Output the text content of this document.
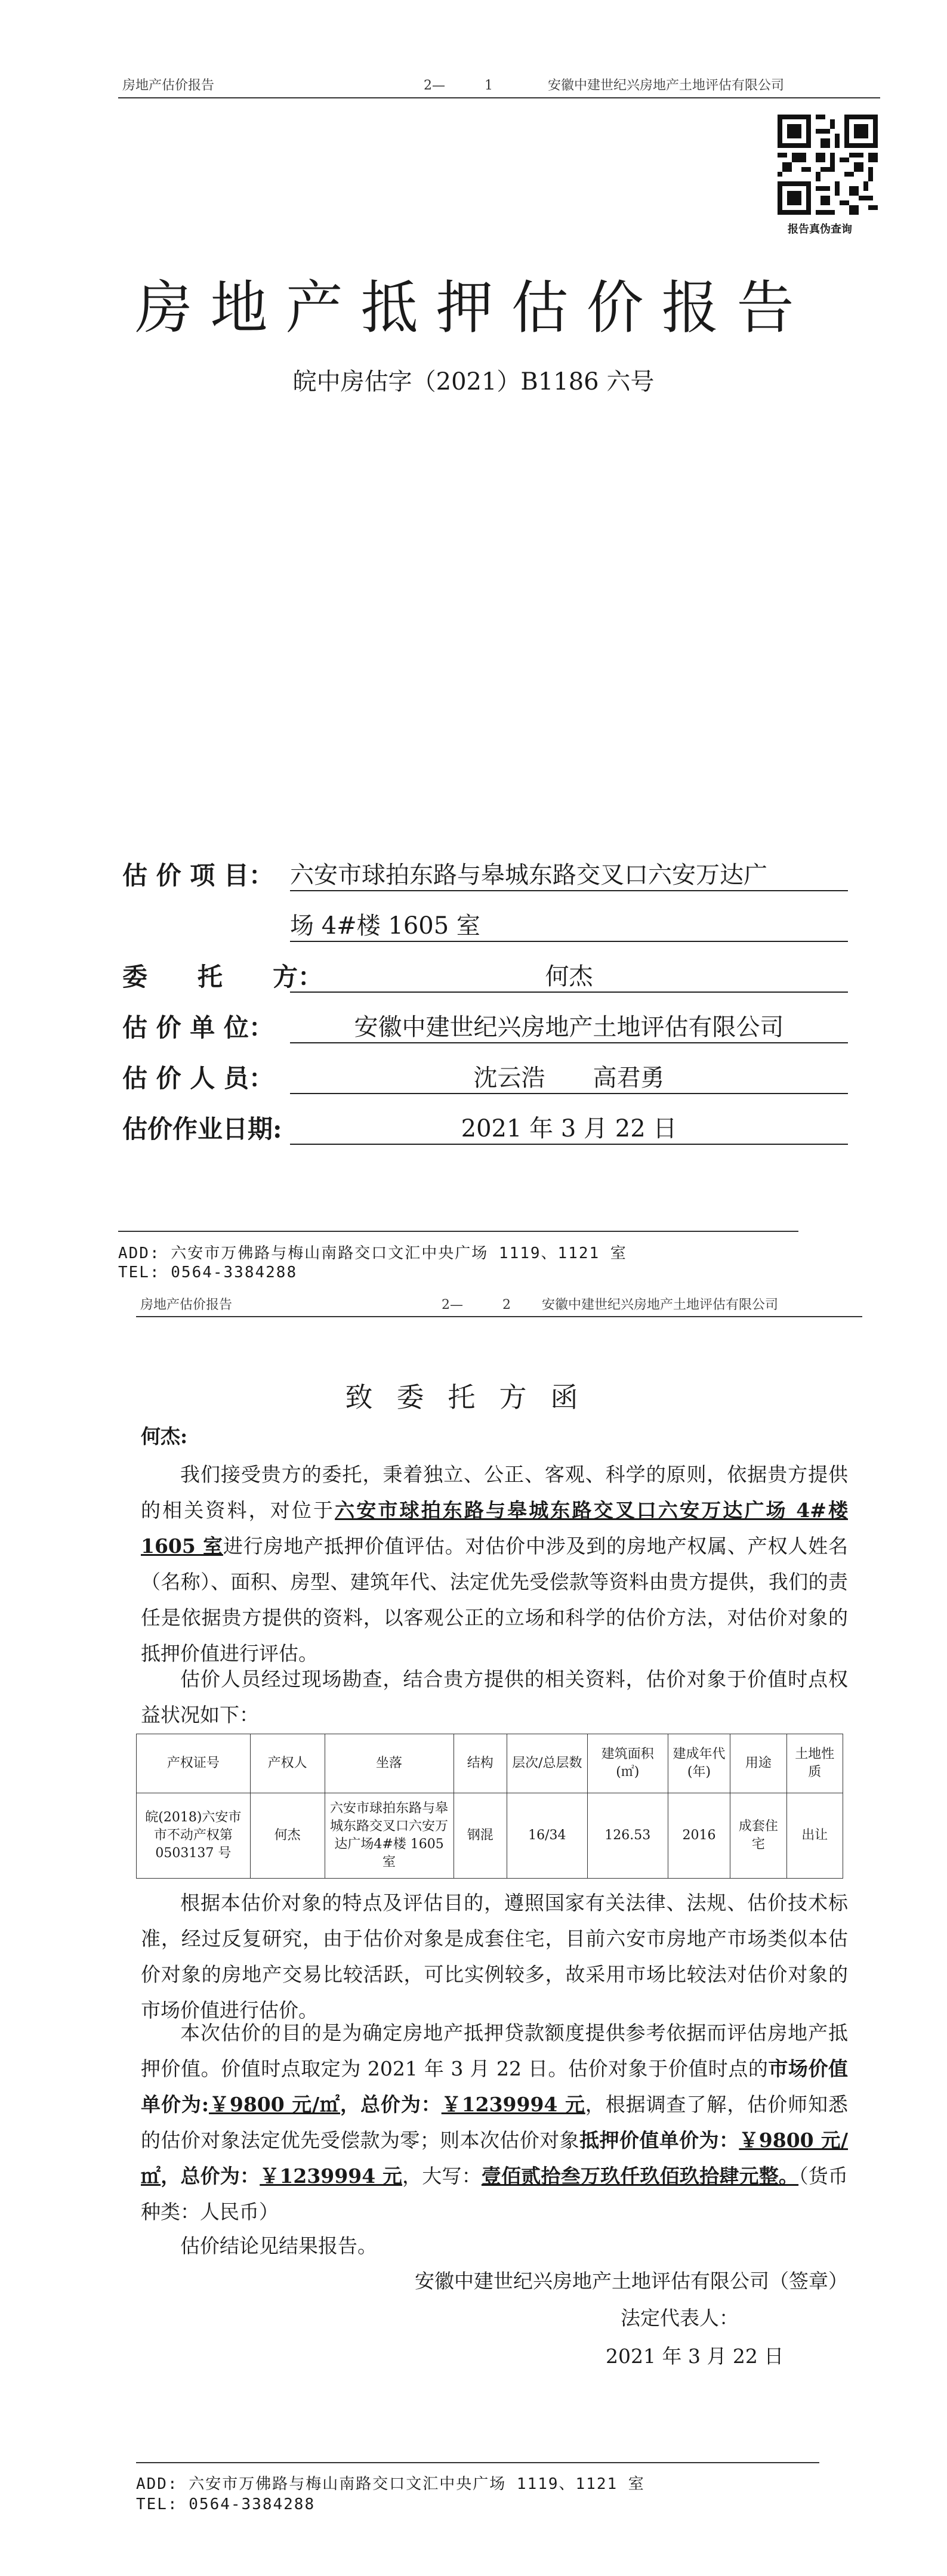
房地产估价报告	2—　　　1	安徽中建世纪兴房地产土地评估有限公司
报告真伪查询
房地产抵押估价报告
皖中房估字（2021）B1186 六号
估 价 项 目： 六安市球拍东路与皋城东路交叉口六安万达广
场 4#楼 1605 室
委　　托　　方：	何杰
估 价 单 位：	安徽中建世纪兴房地产土地评估有限公司
估 价 人 员：	沈云浩　　高君勇
估价作业日期:	2021 年 3 月 22 日
ADD: 六安市万佛路与梅山南路交口文汇中央广场 1119、1121 室
TEL: 0564-3384288
房地产估价报告	2—　　　2 安徽中建世纪兴房地产土地评估有限公司
致委托方函
何杰:
我们接受贵方的委托，秉着独立、公正、客观、科学的原则，依据贵方提供的相关资料，对位于六安市球拍东路与皋城东路交叉口六安万达广场 4#楼 1605 室进行房地产抵押价值评估。对估价中涉及到的房地产权属、产权人姓名（名称）、面积、房型、建筑年代、法定优先受偿款等资料由贵方提供，我们的责任是依据贵方提供的资料，以客观公正的立场和科学的估价方法，对估价对象的抵押价值进行评估。
估价人员经过现场勘查，结合贵方提供的相关资料，估价对象于价值时点权益状况如下：
产权证号	产权人	坐落	结构	层次/总层数	建筑面积(㎡)	建成年代(年)	用途	土地性质
皖(2018)六安市市不动产权第 0503137 号	何杰	六安市球拍东路与皋城东路交叉口六安万达广场4#楼 1605 室	钢混	16/34	126.53	2016	成套住宅	出让
根据本估价对象的特点及评估目的，遵照国家有关法律、法规、估价技术标准，经过反复研究，由于估价对象是成套住宅，目前六安市房地产市场类似本估价对象的房地产交易比较活跃，可比实例较多，故采用市场比较法对估价对象的市场价值进行估价。
本次估价的目的是为确定房地产抵押贷款额度提供参考依据而评估房地产抵押价值。价值时点取定为 2021 年 3 月 22 日。估价对象于价值时点的市场价值单价为:￥9800 元/㎡，总价为：￥1239994 元，根据调查了解，估价师知悉的估价对象法定优先受偿款为零；则本次估价对象抵押价值单价为：￥9800 元/㎡，总价为：￥1239994 元，大写：壹佰贰拾叁万玖仟玖佰玖拾肆元整。（货币种类：人民币）
估价结论见结果报告。
安徽中建世纪兴房地产土地评估有限公司（签章）
法定代表人：
2021 年 3 月 22 日
ADD: 六安市万佛路与梅山南路交口文汇中央广场 1119、1121 室
TEL: 0564-3384288
